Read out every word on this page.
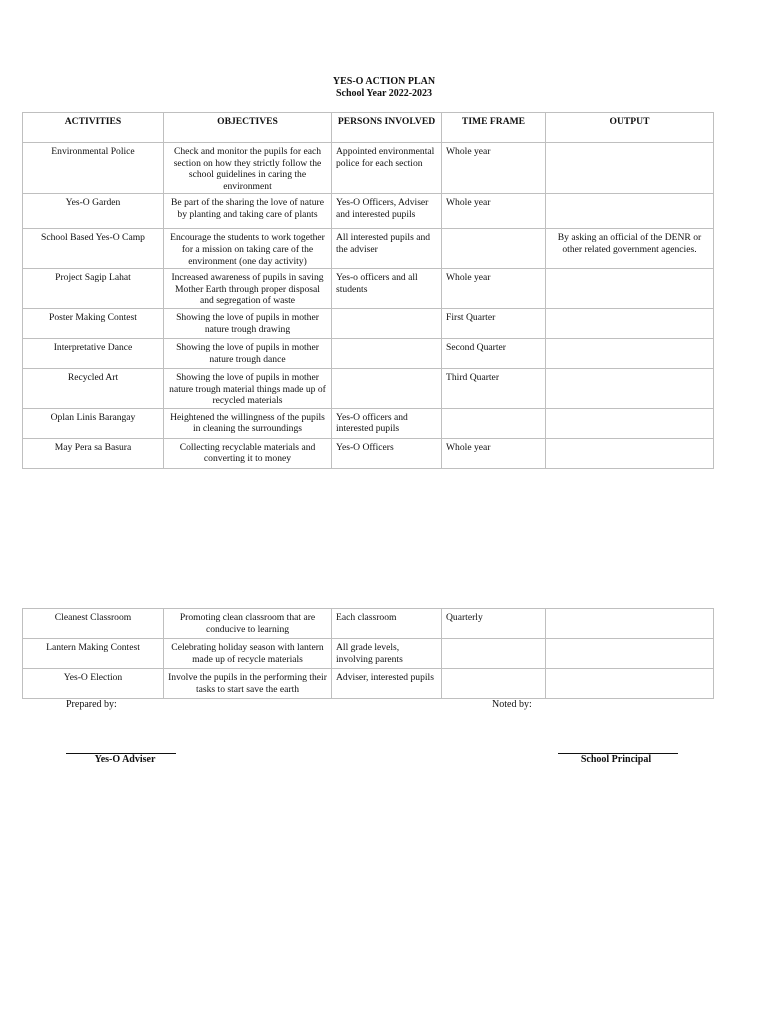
YES-O ACTION PLAN
School Year 2022-2023
ACTIVITIES	OBJECTIVES	PERSONS INVOLVED	TIME FRAME	OUTPUT
Environmental Police	Check and monitor the pupils for each section on how they strictly follow the school guidelines in caring the environment	Appointed environmental police for each section	Whole year	
Yes-O Garden	Be part of the sharing the love of nature by planting and taking care of plants	Yes-O Officers, Adviser and interested pupils	Whole year	
School Based Yes-O Camp	Encourage the students to work together for a mission on taking care of the environment (one day activity)	All interested pupils and the adviser		By asking an official of the DENR or other related government agencies.
Project Sagip Lahat	Increased awareness of pupils in saving Mother Earth through proper disposal and segregation of waste	Yes-o officers and all students	Whole year	
Poster Making Contest	Showing the love of pupils in mother nature trough drawing		First Quarter	
Interpretative Dance	Showing the love of pupils in mother nature trough dance		Second Quarter	
Recycled Art	Showing the love of pupils in mother nature trough material things made up of recycled materials		Third Quarter	
Oplan Linis Barangay	Heightened the willingness of the pupils in cleaning the surroundings	Yes-O officers and interested pupils		
May Pera sa Basura	Collecting recyclable materials and converting it to money	Yes-O Officers	Whole year	
Cleanest Classroom	Promoting clean classroom that are conducive to learning	Each classroom	Quarterly	
Lantern Making Contest	Celebrating holiday season with lantern made up of recycle materials	All grade levels, involving parents		
Yes-O Election	Involve the pupils in the performing their tasks to start save the earth	Adviser, interested pupils		
Prepared by:	Noted by:
Yes-O Adviser	School Principal
